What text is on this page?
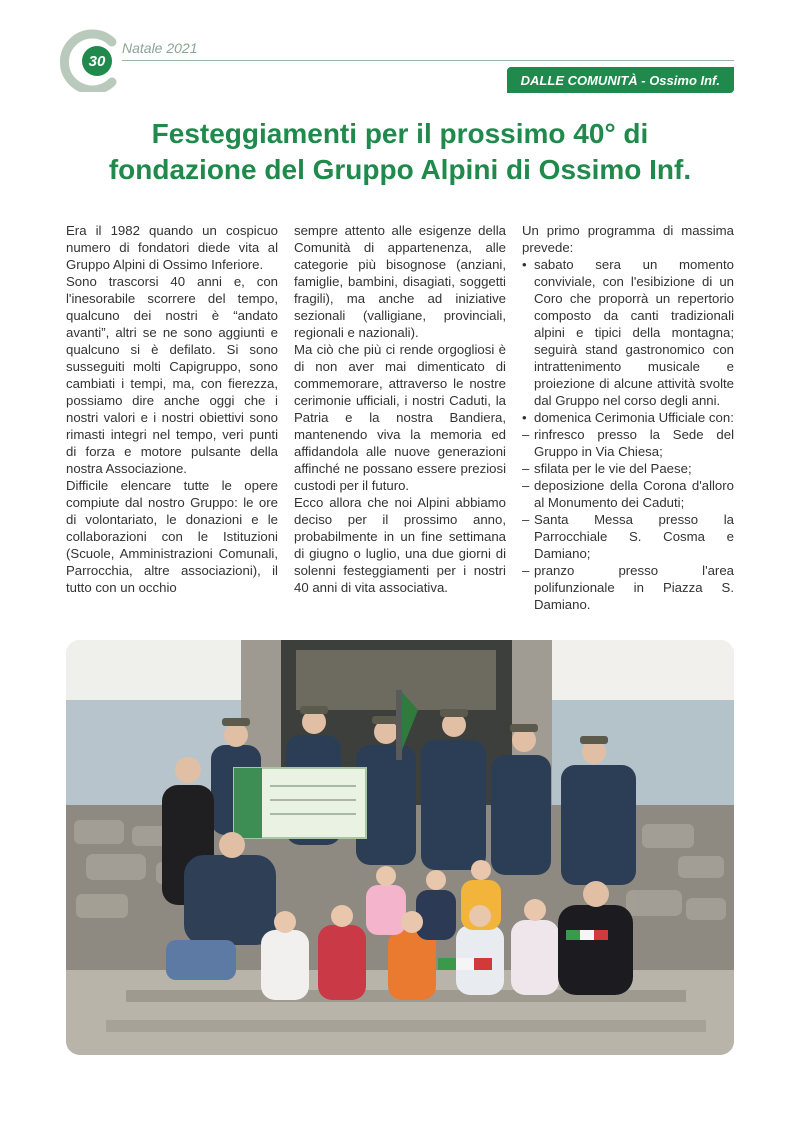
30
Natale 2021
DALLE COMUNITÀ - Ossimo Inf.
Festeggiamenti per il prossimo 40° di
fondazione del Gruppo Alpini di Ossimo Inf.

Era il 1982 quando un cospicuo numero di fondatori diede vita al Gruppo Alpini di Ossimo Inferiore.

Sono trascorsi 40 anni e, con l'inesorabile scorrere del tempo, qualcuno dei nostri è “andato avanti”, altri se ne sono aggiunti e qualcuno si è defilato. Si sono susseguiti molti Capigruppo, sono cambiati i tempi, ma, con fierezza, possiamo dire anche oggi che i nostri valori e i nostri obiettivi sono rimasti integri nel tempo, veri punti di forza e motore pulsante della nostra Associazione.

Difficile elencare tutte le opere compiute dal nostro Gruppo: le ore di volontariato, le donazioni e le collaborazioni con le Istituzioni (Scuole, Amministrazioni Comunali, Parrocchia, altre associazioni), il tutto con un occhio

sempre attento alle esigenze della Comunità di appartenenza, alle categorie più bisognose (anziani, famiglie, bambini, disagiati, soggetti fragili), ma anche ad iniziative sezionali (valligiane, provinciali, regionali e nazionali).

Ma ciò che più ci rende orgogliosi è di non aver mai dimenticato di commemorare, attraverso le nostre cerimonie ufficiali, i nostri Caduti, la Patria e la nostra Bandiera, mantenendo viva la memoria ed affidandola alle nuove generazioni affinché ne possano essere preziosi custodi per il futuro.

Ecco allora che noi Alpini abbiamo deciso per il prossimo anno, probabilmente in un fine settimana di giugno o luglio, una due giorni di solenni festeggiamenti per i nostri 40 anni di vita associativa.

Un primo programma di massima prevede:

• sabato sera un momento conviviale, con l'esibizione di un Coro che proporrà un repertorio composto da canti tradizionali alpini e tipici della montagna; seguirà stand gastronomico con intrattenimento musicale e proiezione di alcune attività svolte dal Gruppo nel corso degli anni.
• domenica Cerimonia Ufficiale con:
– rinfresco presso la Sede del Gruppo in Via Chiesa;
– sfilata per le vie del Paese;
– deposizione della Corona d'alloro al Monumento dei Caduti;
– Santa Messa presso la Parrocchiale S. Cosma e Damiano;
– pranzo presso l'area polifunzionale in Piazza S. Damiano.
